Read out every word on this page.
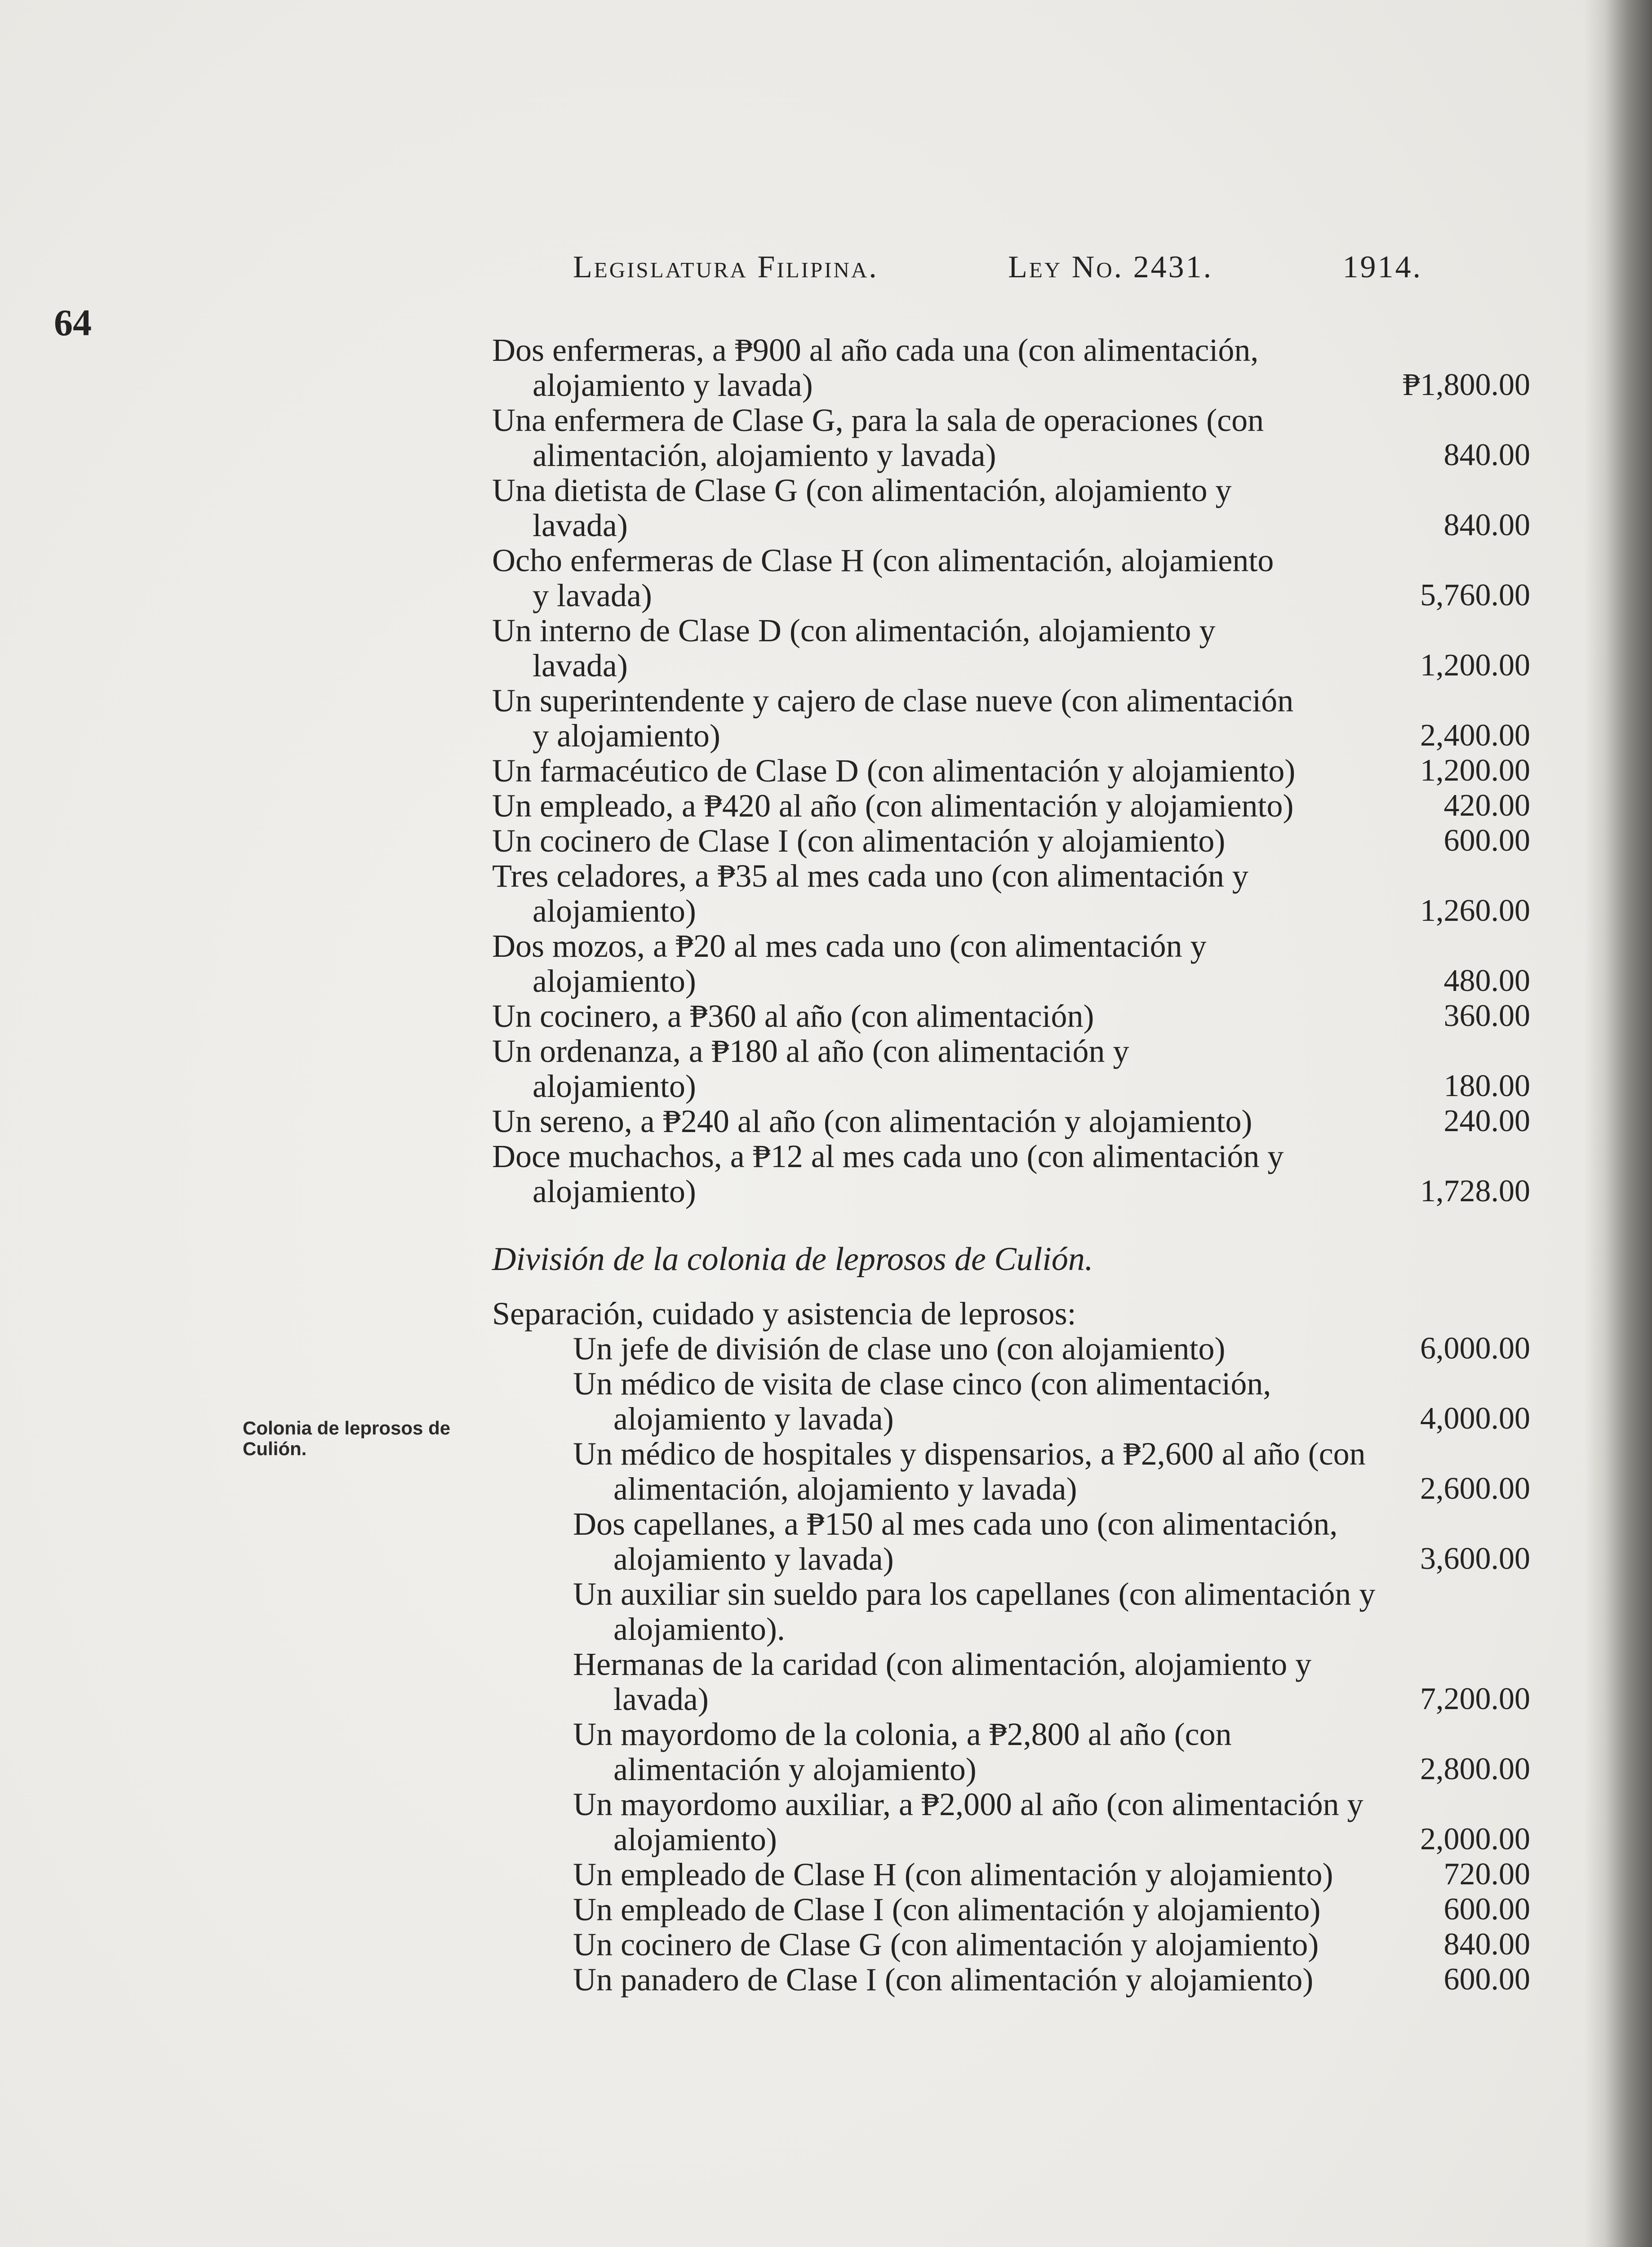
64
Legislatura Filipina.	Ley No. 2431.	1914.
Colonia de leprosos de Culión.
Dos enfermeras, a ₱900 al año cada una (con alimentación, alojamiento y lavada)	₱1,800.00
Una enfermera de Clase G, para la sala de operaciones (con alimentación, alojamiento y lavada)	840.00
Una dietista de Clase G (con alimentación, alojamiento y lavada)	840.00
Ocho enfermeras de Clase H (con alimentación, alojamiento y lavada)	5,760.00
Un interno de Clase D (con alimentación, alojamiento y lavada)	1,200.00
Un superintendente y cajero de clase nueve (con alimentación y alojamiento)	2,400.00
Un farmacéutico de Clase D (con alimentación y alojamiento)	1,200.00
Un empleado, a ₱420 al año (con alimentación y alojamiento)	420.00
Un cocinero de Clase I (con alimentación y alojamiento)	600.00
Tres celadores, a ₱35 al mes cada uno (con alimentación y alojamiento)	1,260.00
Dos mozos, a ₱20 al mes cada uno (con alimentación y alojamiento)	480.00
Un cocinero, a ₱360 al año (con alimentación)	360.00
Un ordenanza, a ₱180 al año (con alimentación y alojamiento)	180.00
Un sereno, a ₱240 al año (con alimentación y alojamiento)	240.00
Doce muchachos, a ₱12 al mes cada uno (con alimentación y alojamiento)	1,728.00
División de la colonia de leprosos de Culión.
Separación, cuidado y asistencia de leprosos:
Un jefe de división de clase uno (con alojamiento)	6,000.00
Un médico de visita de clase cinco (con alimentación, alojamiento y lavada)	4,000.00
Un médico de hospitales y dispensarios, a ₱2,600 al año (con alimentación, alojamiento y lavada)	2,600.00
Dos capellanes, a ₱150 al mes cada uno (con alimentación, alojamiento y lavada)	3,600.00
Un auxiliar sin sueldo para los capellanes (con alimentación y alojamiento).
Hermanas de la caridad (con alimentación, alojamiento y lavada)	7,200.00
Un mayordomo de la colonia, a ₱2,800 al año (con alimentación y alojamiento)	2,800.00
Un mayordomo auxiliar, a ₱2,000 al año (con alimentación y alojamiento)	2,000.00
Un empleado de Clase H (con alimentación y alojamiento)	720.00
Un empleado de Clase I (con alimentación y alojamiento)	600.00
Un cocinero de Clase G (con alimentación y alojamiento)	840.00
Un panadero de Clase I (con alimentación y alojamiento)	600.00
